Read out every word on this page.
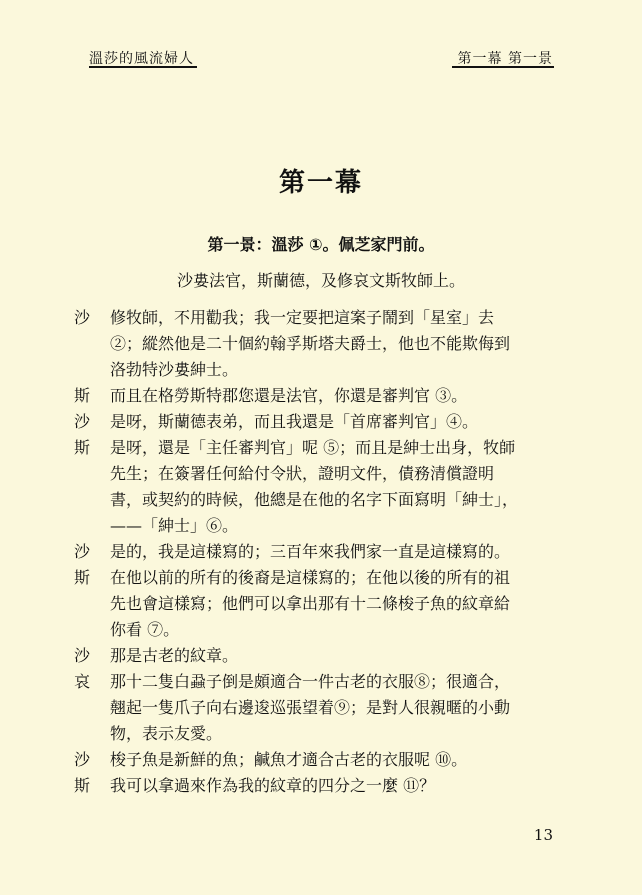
溫莎的風流婦人	第一幕 第一景
第一幕
第一景：溫莎 ①。佩芝家門前。
沙婁法官，斯蘭德，及修哀文斯牧師上。
沙	修牧師，不用勸我；我一定要把這案子鬧到「星室」去
②；縱然他是二十個約翰孚斯塔夫爵士，他也不能欺侮到
洛勃特沙婁紳士。
斯	而且在格勞斯特郡您還是法官，你還是審判官 ③。
沙	是呀，斯蘭德表弟，而且我還是「首席審判官」④。
斯	是呀，還是「主任審判官」呢 ⑤；而且是紳士出身，牧師
先生；在簽署任何給付令狀，證明文件，債務清償證明
書，或契約的時候，他總是在他的名字下面寫明「紳士」，
——「紳士」⑥。
沙	是的，我是這樣寫的；三百年來我們家一直是這樣寫的。
斯	在他以前的所有的後裔是這樣寫的；在他以後的所有的祖
先也會這樣寫；他們可以拿出那有十二條梭子魚的紋章給
你看 ⑦。
沙	那是古老的紋章。
哀	那十二隻白蝨子倒是頗適合一件古老的衣服⑧；很適合，
翹起一隻爪子向右邊逡巡張望着⑨；是對人很親暱的小動
物，表示友愛。
沙	梭子魚是新鮮的魚；鹹魚才適合古老的衣服呢 ⑩。
斯	我可以拿過來作為我的紋章的四分之一麼 ⑪？
13
